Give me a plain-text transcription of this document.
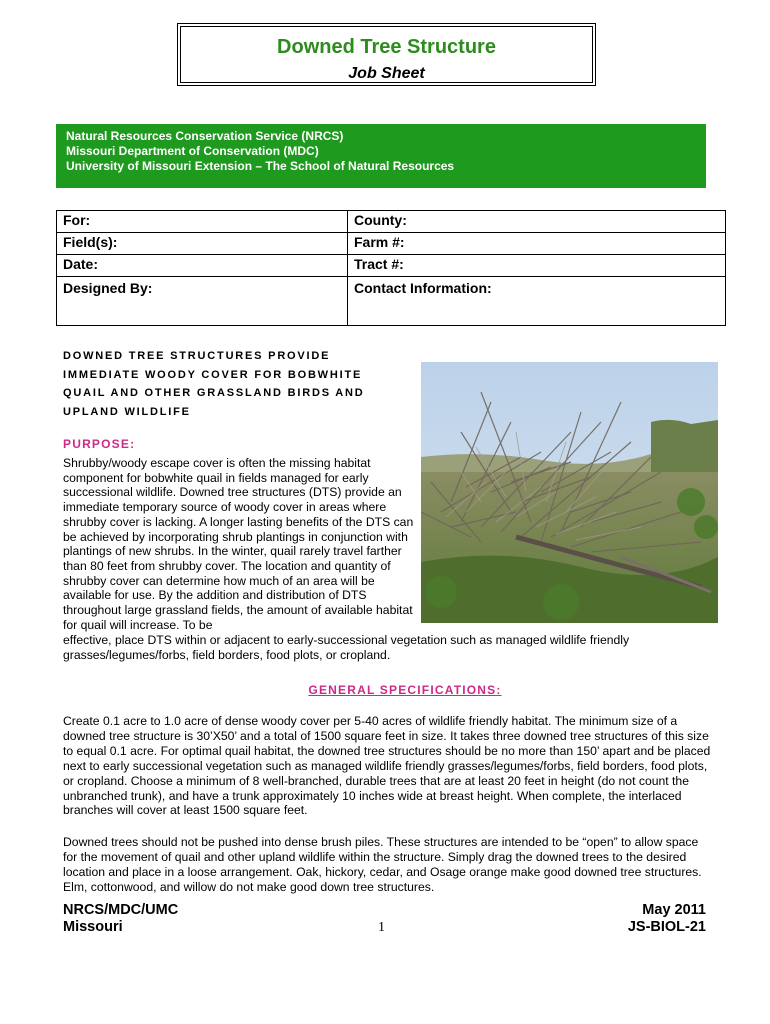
Downed Tree Structure
Job Sheet
Natural Resources Conservation Service (NRCS)
Missouri Department of Conservation (MDC)
University of Missouri Extension – The School of Natural Resources
For:	County:
Field(s):	Farm #:
Date:	Tract #:
Designed By:	Contact Information:
DOWNED TREE STRUCTURES PROVIDE IMMEDIATE WOODY COVER FOR BOBWHITE QUAIL AND OTHER GRASSLAND BIRDS AND UPLAND WILDLIFE
PURPOSE:
Shrubby/woody escape cover is often the missing habitat component for bobwhite quail in fields managed for early successional wildlife. Downed tree structures (DTS) provide an immediate temporary source of woody cover in areas where shrubby cover is lacking. A longer lasting benefits of the DTS can be achieved by incorporating shrub plantings in conjunction with plantings of new shrubs. In the winter, quail rarely travel farther than 80 feet from shrubby cover. The location and quantity of shrubby cover can determine how much of an area will be available for use. By the addition and distribution of DTS throughout large grassland fields, the amount of available habitat for quail will increase. To be
effective, place DTS within or adjacent to early-successional vegetation such as managed wildlife friendly grasses/legumes/forbs, field borders, food plots, or cropland.
GENERAL SPECIFICATIONS:
Create 0.1 acre to 1.0 acre of dense woody cover per 5-40 acres of wildlife friendly habitat. The minimum size of a downed tree structure is 30’X50’ and a total of 1500 square feet in size. It takes three downed tree structures of this size to equal 0.1 acre. For optimal quail habitat, the downed tree structures should be no more than 150’ apart and be placed next to early successional vegetation such as managed wildlife friendly grasses/legumes/forbs, field borders, food plots, or cropland. Choose a minimum of 8 well-branched, durable trees that are at least 20 feet in height (do not count the unbranched trunk), and have a trunk approximately 10 inches wide at breast height. When complete, the interlaced branches will cover at least 1500 square feet.
Downed trees should not be pushed into dense brush piles. These structures are intended to be “open” to allow space for the movement of quail and other upland wildlife within the structure. Simply drag the downed trees to the desired location and place in a loose arrangement. Oak, hickory, cedar, and Osage orange make good downed tree structures. Elm, cottonwood, and willow do not make good down tree structures.
NRCS/MDC/UMC
Missouri	1
May 2011
JS-BIOL-21
